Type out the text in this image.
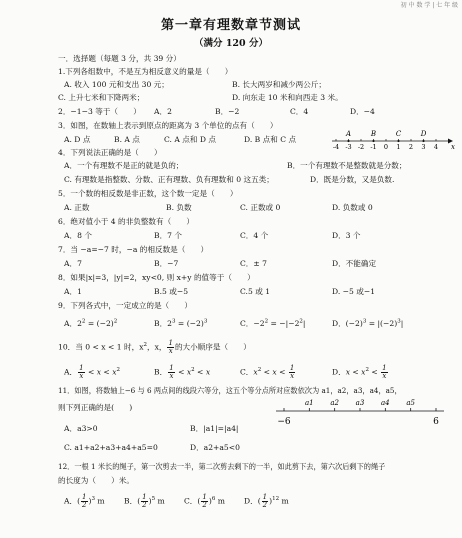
初 中 数 学 | 七 年 级
第一章有理数章节测试
（满分 120 分）
一．选择题（每题 3 分，共 39 分）
1.下列各组数中，不是互为相反意义的量是（　　）
A. 收入 100 元和支出 30 元；	B. 长大两岁和减少两公斤；
C. 上升七米和下降两米；	D. 向东走 10 米和向西走 3 米。
2．−1−3 等于（　　） A．2	B．−2	C．4	D．−4
3．如图，在数轴上表示到原点的距离为 3 个单位的点有（　　）
A. D 点	B. A 点	C. A 点和 D 点	D. B 点和 C 点
-4 -3 -2 -1 0 1 2 3 4
A	B	C	D
x
4．下列说法正确的是（　　）
A．一个有理数不是正的就是负的；	B．一个有理数不是整数就是分数；
C. 有理数是指整数、分数、正有理数、负有理数和 0 这五类；	D．既是分数，又是负数.
5．一个数的相反数是非正数，这个数一定是（　　）
A. 正数	B. 负数	C. 正数或 0	D. 负数或 0
6．绝对值小于 4 的非负整数有（　　）
A．8 个	B．7 个	C．4 个	D．3 个
7．当 −a=−7 时，−a 的相反数是（　　）
A．7	B．−7	C．± 7	D．不能确定
8．如果|x|=3，|y|=2，xy<0, 则 x+y 的值等于（　　）
A．1	B.5 或−5	C.5 或 1	D. −5 或−1
9．下列各式中，一定成立的是（　　）
A．$2^2 = (-2)^2$	B．$2^3 = (-2)^3$	C．$-2^2 = -|-2^2|$	D．$(-2)^3 = |(-2)^3|$
10．当 0 < x < 1 时，$x^2$，x， $\frac{1}{x}$ 的大小顺序是（　　）
A． $\frac{1}{x} < x < x^2$	B． $\frac{1}{x} < x^2 < x$	C．$x^2 < x < \frac{1}{x}$	D．$x < x^2 < \frac{1}{x}$
11．如图，将数轴上−6 与 6 两点间的线段六等分，这五个等分点所对应数依次为 a1，a2，a3，a4，a5，
则下列正确的是(　　)	a1 a2 a3 a4 a5
−6	6
A．a3>0	B．|a1|=|a4|
C. a1+a2+a3+a4+a5=0	D．a2+a5<0
12．一根 1 米长的绳子，第一次剪去一半，第二次剪去剩下的一半，如此剪下去，第六次后剩下的绳子
的长度为（　　）米。
A．( $\frac{1}{2} )^3$ m	B．( $\frac{1}{2} )^5$ m	C．( $\frac{1}{2} )^6$ m	D．( $\frac{1}{2} )^{12}$ m
